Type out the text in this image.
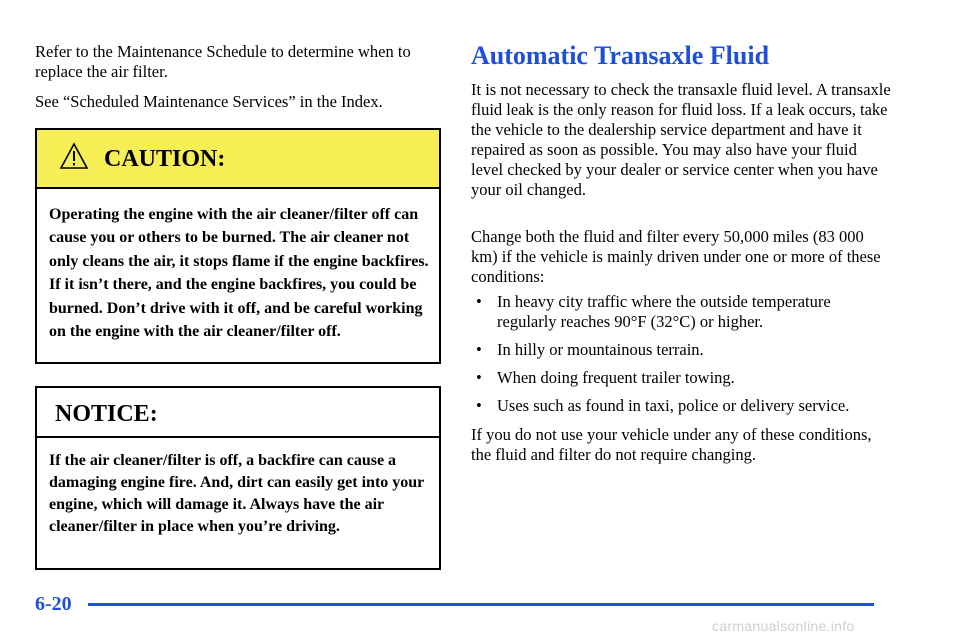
Refer to the Maintenance Schedule to determine when to replace the air filter.

See “Scheduled Maintenance Services” in the Index.

CAUTION:
Operating the engine with the air cleaner/filter off can cause you or others to be burned. The air cleaner not only cleans the air, it stops flame if the engine backfires. If it isn’t there, and the engine backfires, you could be burned. Don’t drive with it off, and be careful working on the engine with the air cleaner/filter off.
NOTICE:
If the air cleaner/filter is off, a backfire can cause a damaging engine fire. And, dirt can easily get into your engine, which will damage it. Always have the air cleaner/filter in place when you’re driving.
Automatic Transaxle Fluid

It is not necessary to check the transaxle fluid level. A transaxle fluid leak is the only reason for fluid loss. If a leak occurs, take the vehicle to the dealership service department and have it repaired as soon as possible. You may also have your fluid level checked by your dealer or service center when you have your oil changed.

Change both the fluid and filter every 50,000 miles (83 000 km) if the vehicle is mainly driven under one or more of these conditions:

• In heavy city traffic where the outside temperature regularly reaches 90°F (32°C) or higher.
• In hilly or mountainous terrain.
• When doing frequent trailer towing.
• Uses such as found in taxi, police or delivery service.

If you do not use your vehicle under any of these conditions, the fluid and filter do not require changing.

6-20
carmanualsonline.info
